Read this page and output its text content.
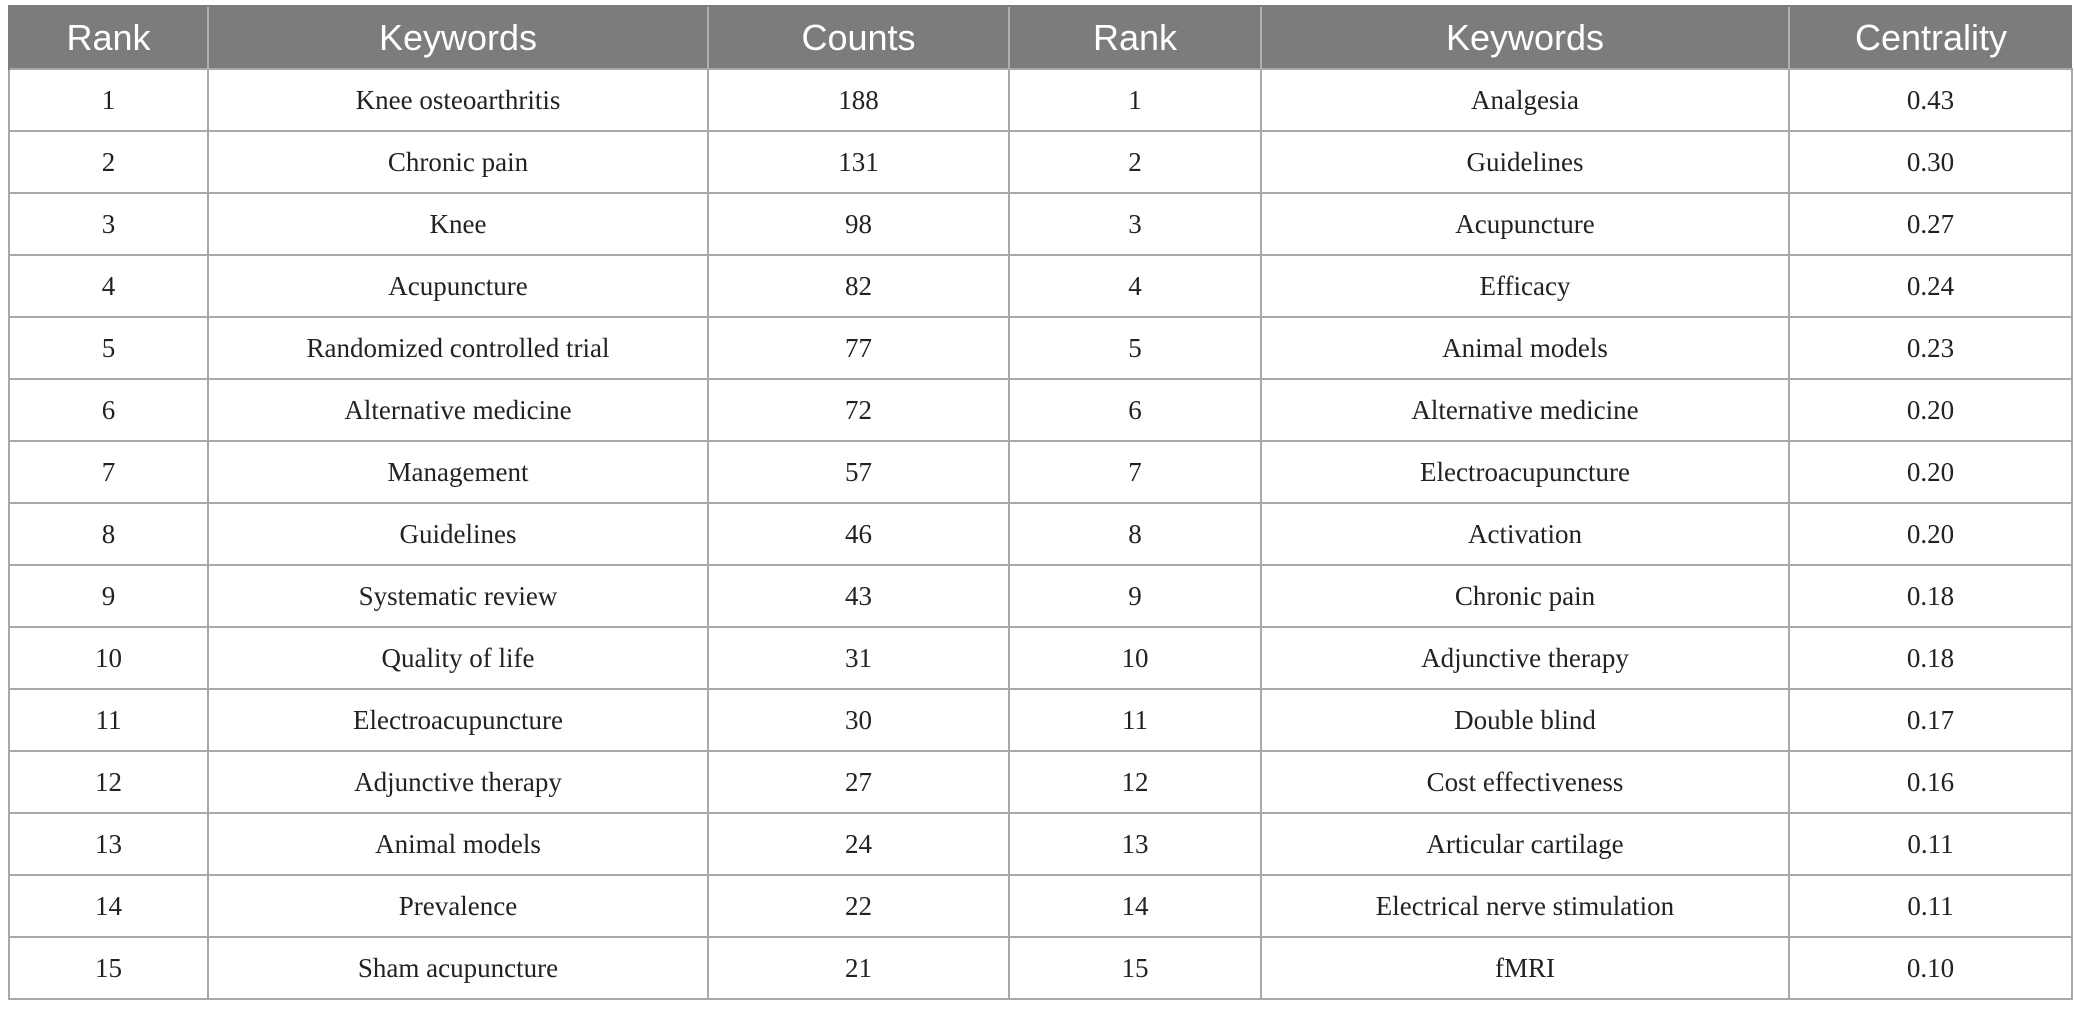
Rank	Keywords	Counts	Rank	Keywords	Centrality
1	Knee osteoarthritis	188	1	Analgesia	0.43
2	Chronic pain	131	2	Guidelines	0.30
3	Knee	98	3	Acupuncture	0.27
4	Acupuncture	82	4	Efficacy	0.24
5	Randomized controlled trial	77	5	Animal models	0.23
6	Alternative medicine	72	6	Alternative medicine	0.20
7	Management	57	7	Electroacupuncture	0.20
8	Guidelines	46	8	Activation	0.20
9	Systematic review	43	9	Chronic pain	0.18
10	Quality of life	31	10	Adjunctive therapy	0.18
11	Electroacupuncture	30	11	Double blind	0.17
12	Adjunctive therapy	27	12	Cost effectiveness	0.16
13	Animal models	24	13	Articular cartilage	0.11
14	Prevalence	22	14	Electrical nerve stimulation	0.11
15	Sham acupuncture	21	15	fMRI	0.10
